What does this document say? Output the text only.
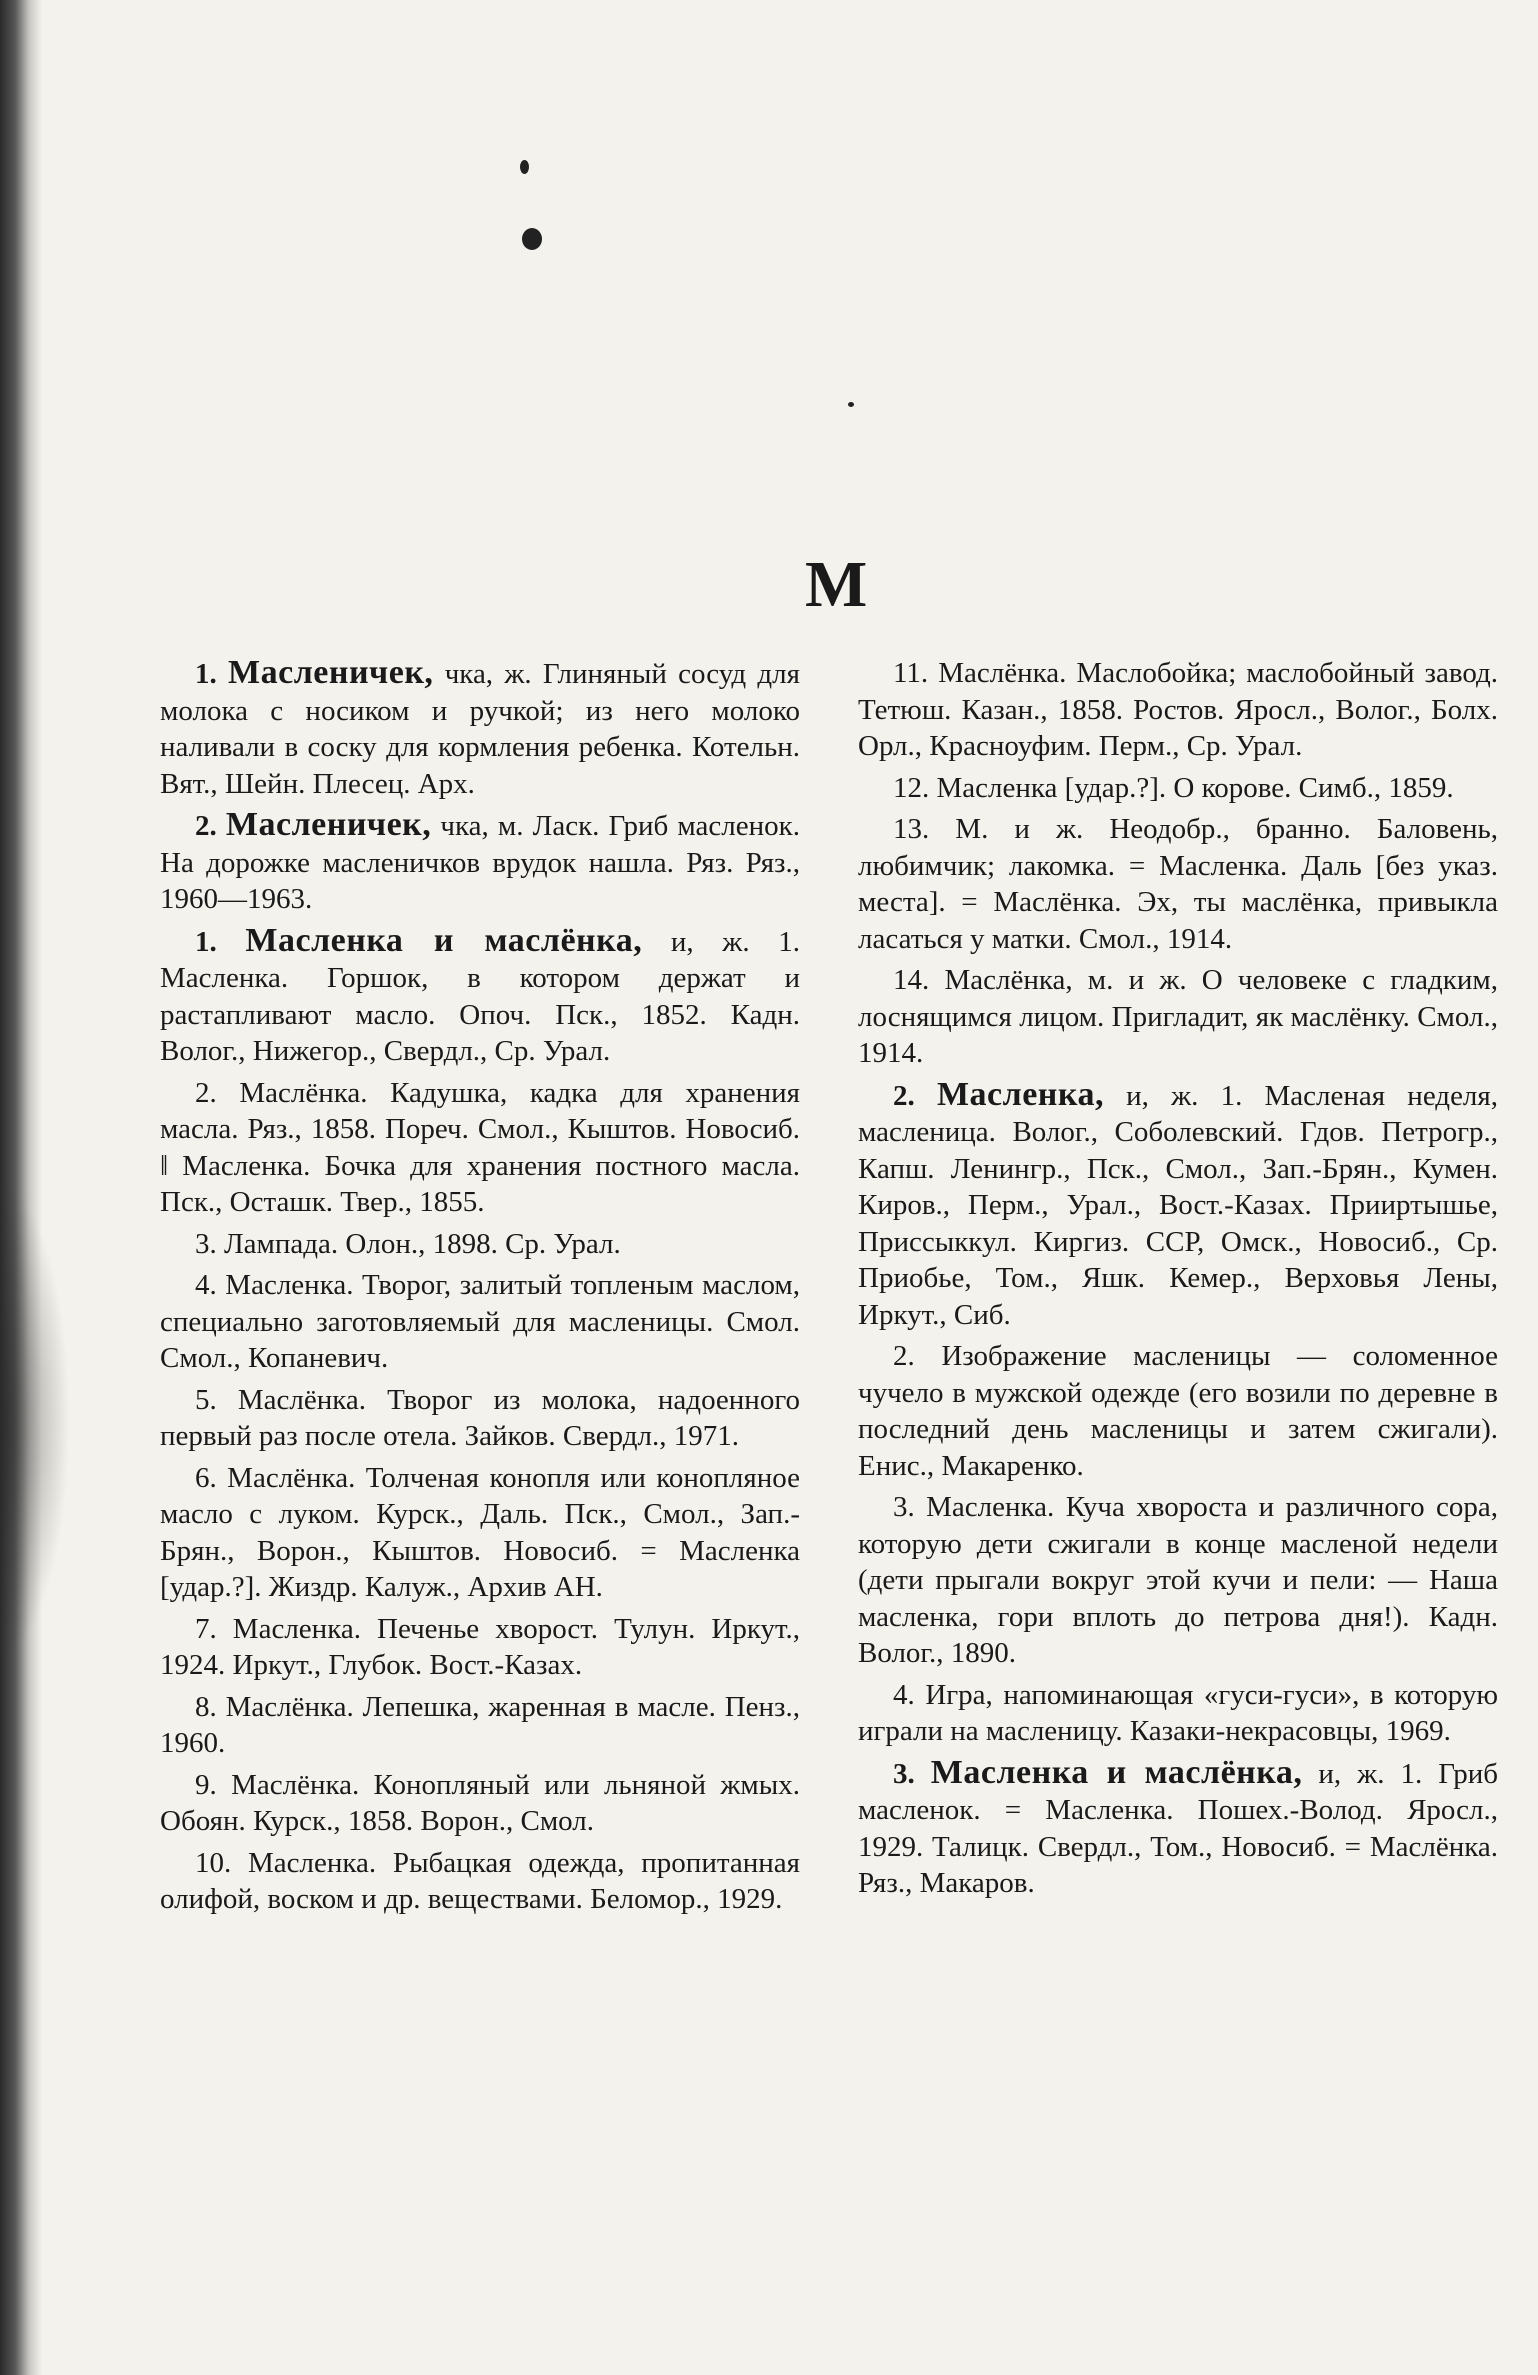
М

1. Масленичек, чка, ж. Глиняный сосуд для молока с носиком и ручкой; из него молоко наливали в соску для кормления ребенка. Котельн. Вят., Шейн. Плесец. Арх.

2. Масленичек, чка, м. Ласк. Гриб масленок. На дорожке масленичков врудок нашла. Ряз. Ряз., 1960—1963.

1. Масленка и маслёнка, и, ж. 1. Масленка. Горшок, в котором держат и растапливают масло. Опоч. Пск., 1852. Кадн. Волог., Нижегор., Свердл., Ср. Урал.

2. Маслёнка. Кадушка, кадка для хранения масла. Ряз., 1858. Пореч. Смол., Кыштов. Новосиб. ‖ Масленка. Бочка для хранения постного масла. Пск., Осташк. Твер., 1855.

3. Лампада. Олон., 1898. Ср. Урал.

4. Масленка. Творог, залитый топленым маслом, специально заготовляемый для масленицы. Смол. Смол., Копаневич.

5. Маслёнка. Творог из молока, надоенного первый раз после отела. Зайков. Свердл., 1971.

6. Маслёнка. Толченая конопля или конопляное масло с луком. Курск., Даль. Пск., Смол., Зап.-Брян., Ворон., Кыштов. Новосиб. = Масленка [удар.?]. Жиздр. Калуж., Архив АН.

7. Масленка. Печенье хворост. Тулун. Иркут., 1924. Иркут., Глубок. Вост.-Казах.

8. Маслёнка. Лепешка, жаренная в масле. Пенз., 1960.

9. Маслёнка. Конопляный или льняной жмых. Обоян. Курск., 1858. Ворон., Смол.

10. Масленка. Рыбацкая одежда, пропитанная олифой, воском и др. веществами. Беломор., 1929.

11. Маслёнка. Маслобойка; маслобойный завод. Тетюш. Казан., 1858. Ростов. Яросл., Волог., Болх. Орл., Красноуфим. Перм., Ср. Урал.

12. Масленка [удар.?]. О корове. Симб., 1859.

13. М. и ж. Неодобр., бранно. Баловень, любимчик; лакомка. = Масленка. Даль [без указ. места]. = Маслёнка. Эх, ты маслёнка, привыкла ласаться у матки. Смол., 1914.

14. Маслёнка, м. и ж. О человеке с гладким, лоснящимся лицом. Пригладит, як маслёнку. Смол., 1914.

2. Масленка, и, ж. 1. Масленая неделя, масленица. Волог., Соболевский. Гдов. Петрогр., Капш. Ленингр., Пск., Смол., Зап.-Брян., Кумен. Киров., Перм., Урал., Вост.-Казах. Прииртышье, Приссыккул. Киргиз. ССР, Омск., Новосиб., Ср. Приобье, Том., Яшк. Кемер., Верховья Лены, Иркут., Сиб.

2. Изображение масленицы — соломенное чучело в мужской одежде (его возили по деревне в последний день масленицы и затем сжигали). Енис., Макаренко.

3. Масленка. Куча хвороста и различного сора, которую дети сжигали в конце масленой недели (дети прыгали вокруг этой кучи и пели: — Наша масленка, гори вплоть до петрова дня!). Кадн. Волог., 1890.

4. Игра, напоминающая «гуси-гуси», в которую играли на масленицу. Казаки-некрасовцы, 1969.

3. Масленка и маслёнка, и, ж. 1. Гриб масленок. = Масленка. Пошех.-Волод. Яросл., 1929. Талицк. Свердл., Том., Новосиб. = Маслёнка. Ряз., Макаров.
